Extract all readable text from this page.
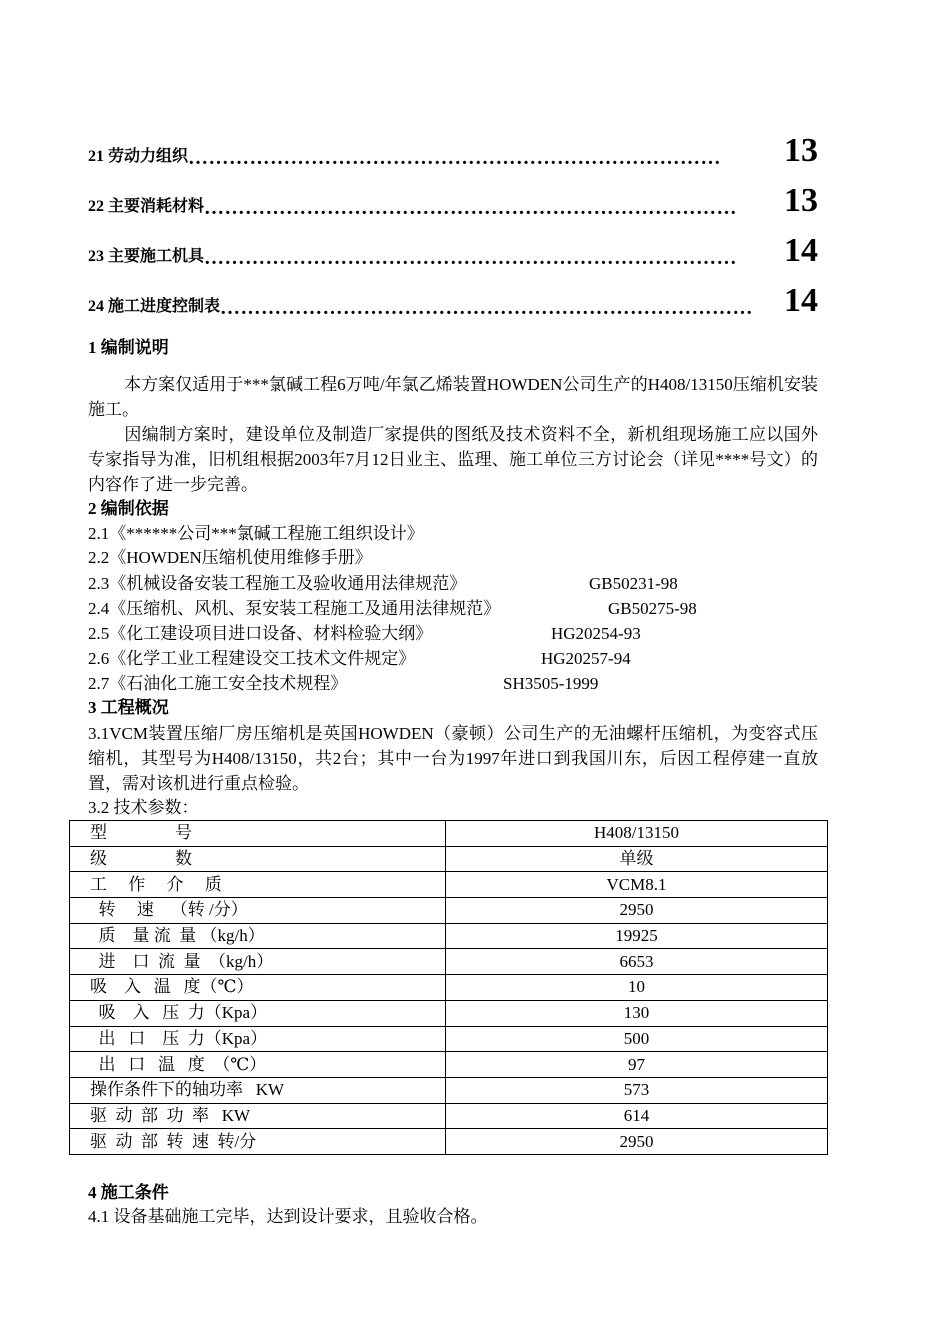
21 劳动力组织 ……………………………………………………………………	13
22 主要消耗材料 ……………………………………………………………………	13
23 主要施工机具 ……………………………………………………………………	14
24 施工进度控制表 …………………………………………………………………… 14
1 编制说明
本方案仅适用于***氯碱工程6万吨/年氯乙烯装置HOWDEN公司生产的H408/13150压缩机安装施工。
因编制方案时，建设单位及制造厂家提供的图纸及技术资料不全，新机组现场施工应以国外专家指导为准，旧机组根据2003年7月12日业主、监理、施工单位三方讨论会（详见****号文）的内容作了进一步完善。
2 编制依据
2.1《******公司***氯碱工程施工组织设计》
2.2《HOWDEN压缩机使用维修手册》
2.3《机械设备安装工程施工及验收通用法律规范》	GB50231-98
2.4《压缩机、风机、泵安装工程施工及通用法律规范》	GB50275-98
2.5《化工建设项目进口设备、材料检验大纲》	HG20254-93
2.6《化学工业工程建设交工技术文件规定》	HG20257-94
2.7《石油化工施工安全技术规程》	SH3505-1999
3 工程概况
3.1VCM装置压缩厂房压缩机是英国HOWDEN（豪顿）公司生产的无油螺杆压缩机，为变容式压缩机，其型号为H408/13150，共2台；其中一台为1997年进口到我国川东，后因工程停建一直放置，需对该机进行重点检验。
3.2 技术参数：
型                号	H408/13150
级                数	单级
工     作     介     质	VCM8.1
转     速    （转 /分）	2950
质    量 流  量 （kg/h）	19925
进    口  流  量  （kg/h）	6653
吸    入   温   度（℃）	10
吸    入   压  力（Kpa）	130
出   口    压  力（Kpa）	500
出   口   温   度  （℃）	97
操作条件下的轴功率   KW	573
驱  动  部  功  率   KW	614
驱  动  部  转  速  转/分	2950
4 施工条件
4.1 设备基础施工完毕，达到设计要求，且验收合格。
